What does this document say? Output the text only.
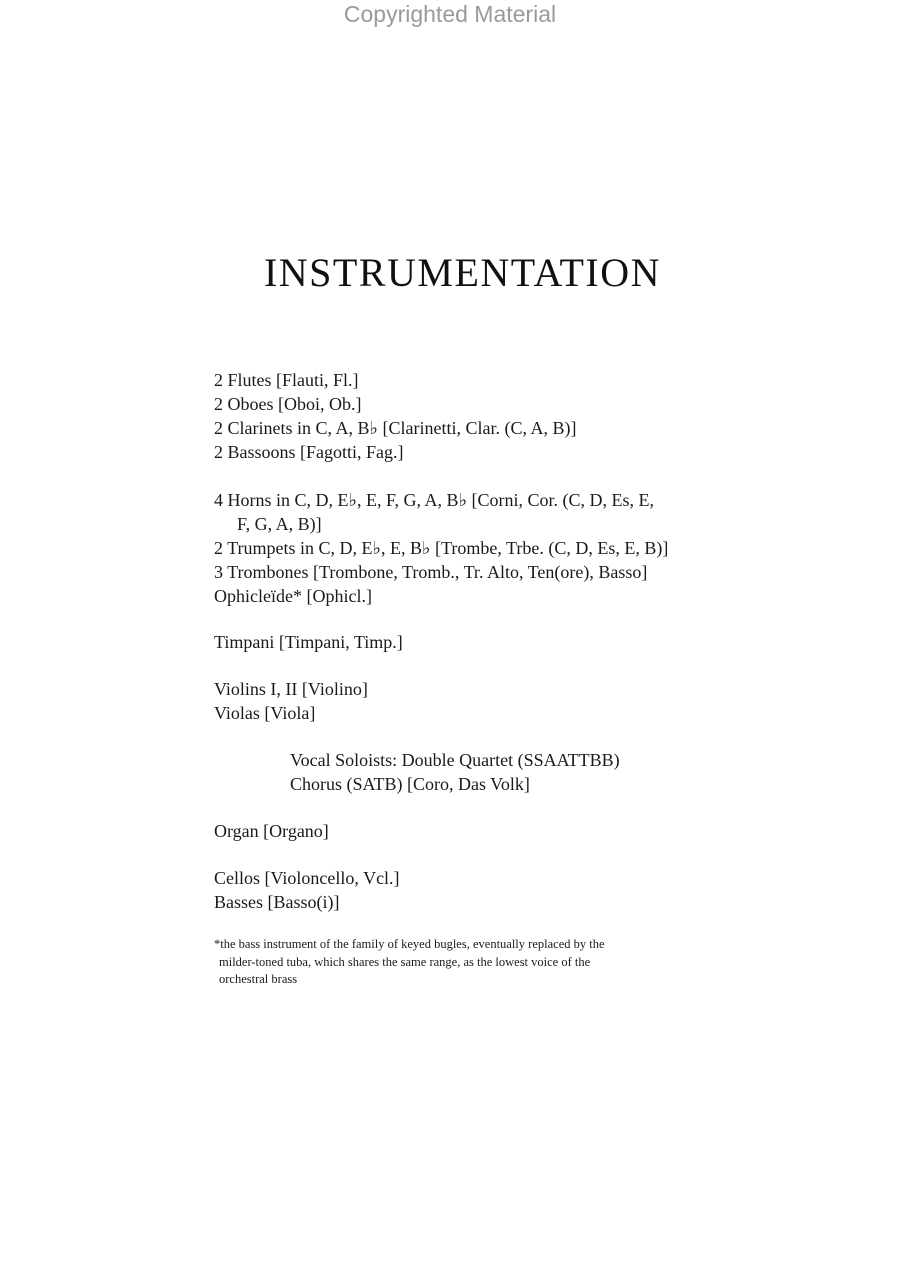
Copyrighted Material
INSTRUMENTATION
2 Flutes [Flauti, Fl.]
2 Oboes [Oboi, Ob.]
2 Clarinets in C, A, B♭ [Clarinetti, Clar. (C, A, B)]
2 Bassoons [Fagotti, Fag.]
4 Horns in C, D, E♭, E, F, G, A, B♭ [Corni, Cor. (C, D, Es, E,
F, G, A, B)]
2 Trumpets in C, D, E♭, E, B♭ [Trombe, Trbe. (C, D, Es, E, B)]
3 Trombones [Trombone, Tromb., Tr. Alto, Ten(ore), Basso]
Ophicleïde* [Ophicl.]
Timpani [Timpani, Timp.]
Violins I, II [Violino]
Violas [Viola]
Vocal Soloists: Double Quartet (SSAATTBB)
Chorus (SATB) [Coro, Das Volk]
Organ [Organo]
Cellos [Violoncello, Vcl.]
Basses [Basso(i)]
*the bass instrument of the family of keyed bugles, eventually replaced by the
milder-toned tuba, which shares the same range, as the lowest voice of the
orchestral brass
